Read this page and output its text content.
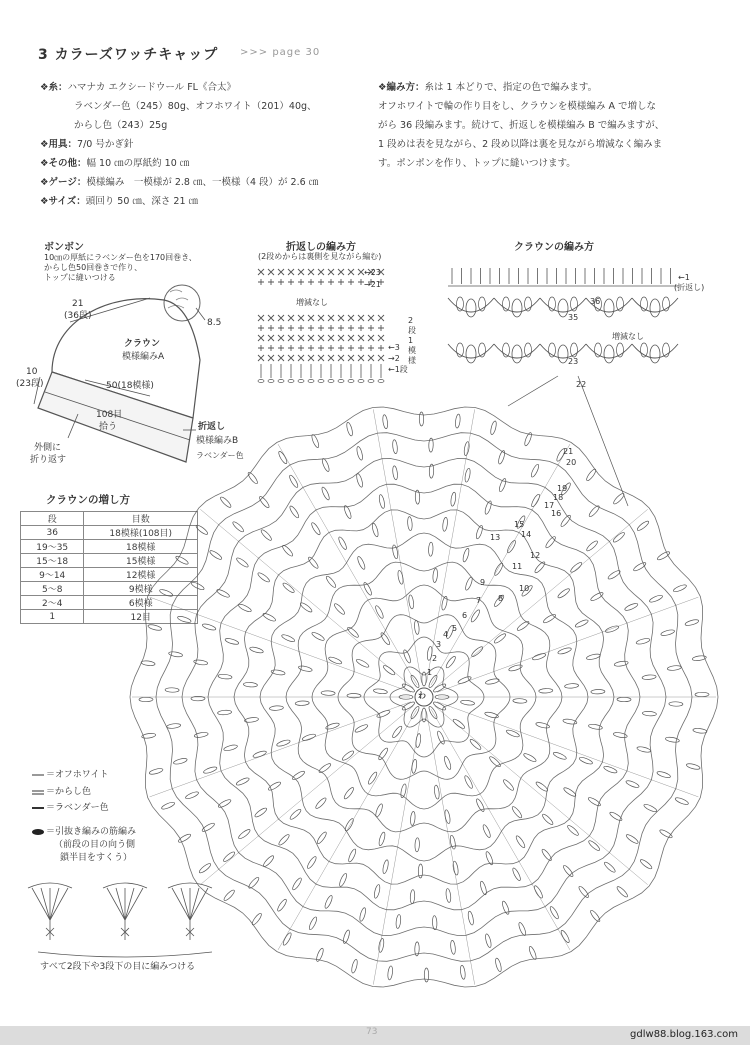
3 カラーズワッチキャップ >>> page 30
❖糸：ハマナカ エクシードウール FL《合太》
ラベンダー色（245）80g、オフホワイト（201）40g、
からし色（243）25g
❖用具：7/0 号かぎ針
❖その他：幅 10 ㎝の厚紙約 10 ㎝
❖ゲージ：模様編み　一模様が 2.8 ㎝、一模様（4 段）が 2.6 ㎝
❖サイズ：頭回り 50 ㎝、深さ 21 ㎝
❖編み方：糸は 1 本どりで、指定の色で編みます。
オフホワイトで輪の作り目をし、クラウンを模様編み A で増しな
がら 36 段編みます。続けて、折返しを模様編み B で編みますが、
1 段めは表を見ながら、2 段め以降は裏を見ながら増減なく編みま
す。ポンポンを作り、トップに縫いつけます。
ボンボン
10㎝の厚紙にラベンダー色を170回巻き、
からし色50回巻きで作り、
トップに縫いつける
21
(36段)
8.5
クラウン
模様編みA
10
(23段)	50(18模様)
108目
拾う
外側に
折り返す
折返し
模様編みB
ラベンダー色
折返しの編み方
(2段めからは裏側を見ながら編む)
←23
→21
増減なし
2段
1模様
←3
→2
←1段
クラウンの編み方
←1
(折返し)
36
35
増減なし
23
22
クラウンの増し方
段	目数
36	18模様(108目)
19〜35	18模様
15〜18	15模様
9〜14	12模様
5〜8	9模様
2〜4	6模様
1	12目
21
20
19
18
17
16
15
14
13
12
11
10
9
8
7
6
5
4
3
2
1
わ
＝オフホワイト
＝からし色
＝ラベンダー色
＝引抜き編みの筋編み
（前段の目の向う側
鎖半目をすくう）
すべて2段下や3段下の目に編みつける
73	gdlw88.blog.163.com
